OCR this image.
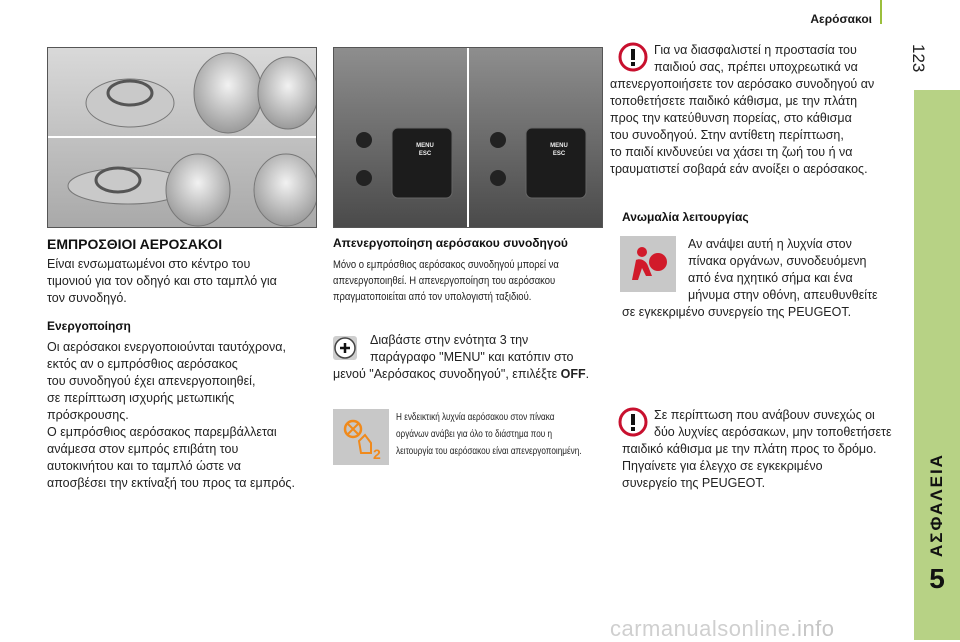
Αερόσακοι
123
ΑΣΦΑΛΕΙΑ
5
MENU
ESC
MENU
ESC
ΕΜΠΡΟΣΘΙΟΙ ΑΕΡΟΣΑΚΟΙ
Είναι ενσωματωμένοι στο κέντρο του
τιμονιού για τον οδηγό και στο ταμπλό για
τον συνοδηγό.
Ενεργοποίηση
Οι αερόσακοι ενεργοποιούνται ταυτόχρονα,
εκτός αν ο εμπρόσθιος αερόσακος
του συνοδηγού έχει απενεργοποιηθεί,
σε περίπτωση ισχυρής μετωπικής
πρόσκρουσης.
Ο εμπρόσθιος αερόσακος παρεμβάλλεται
ανάμεσα στον εμπρός επιβάτη του
αυτοκινήτου και το ταμπλό ώστε να
αποσβέσει την εκτίναξή του προς τα εμπρός.
Απενεργοποίηση αερόσακου συνοδηγού
Μόνο ο εμπρόσθιος αερόσακος συνοδηγού μπορεί να
απενεργοποιηθεί. Η απενεργοποίηση του αερόσακου
πραγματοποιείται από τον υπολογιστή ταξιδιού.
Διαβάστε στην ενότητα 3 την
παράγραφο "MENU" και κατόπιν στο
μενού "Αερόσακος συνοδηγού", επιλέξτε OFF.
2
Η ενδεικτική λυχνία αερόσακου στον πίνακα
οργάνων ανάβει για όλο το διάστημα που η
λειτουργία του αερόσακου είναι απενεργοποιημένη.
Για να διασφαλιστεί η προστασία του
παιδιού σας, πρέπει υποχρεωτικά να
απενεργοποιήσετε τον αερόσακο συνοδηγού αν
τοποθετήσετε παιδικό κάθισμα, με την πλάτη
προς την κατεύθυνση πορείας, στο κάθισμα
του συνοδηγού. Στην αντίθετη περίπτωση,
το παιδί κινδυνεύει να χάσει τη ζωή του ή να
τραυματιστεί σοβαρά εάν ανοίξει ο αερόσακος.
Ανωμαλία λειτουργίας
Αν ανάψει αυτή η λυχνία στον
πίνακα οργάνων, συνοδευόμενη
από ένα ηχητικό σήμα και ένα
μήνυμα στην οθόνη, απευθυνθείτε
σε εγκεκριμένο συνεργείο της PEUGEOT.
Σε περίπτωση που ανάβουν συνεχώς οι
δύο λυχνίες αερόσακων, μην τοποθετήσετε
παιδικό κάθισμα με την πλάτη προς το δρόμο.
Πηγαίνετε για έλεγχο σε εγκεκριμένο
συνεργείο της PEUGEOT.
carmanualsonline.info
